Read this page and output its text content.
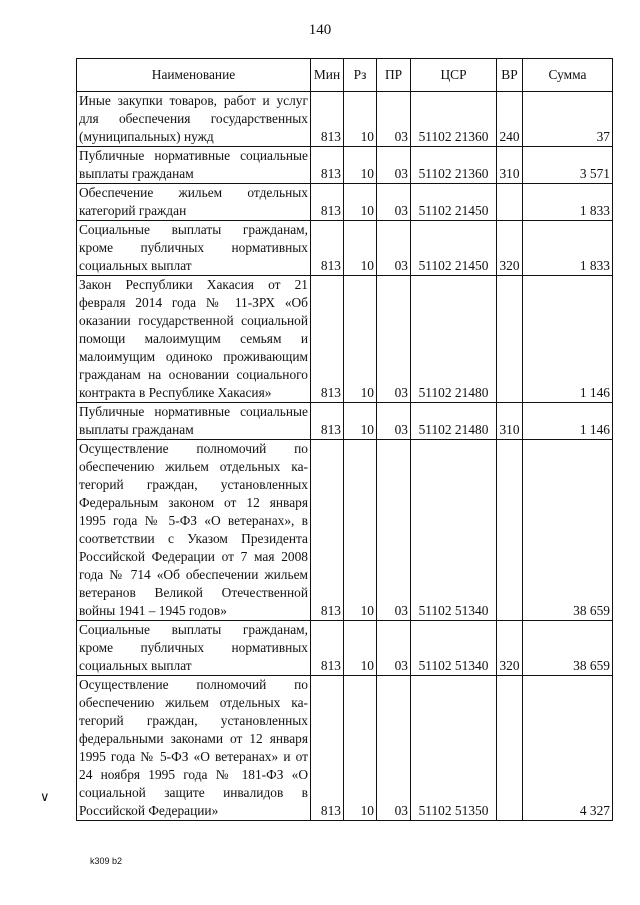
140
Наименование	Мин	Рз	ПР	ЦСР	ВР	Сумма
Иные закупки товаров, работ и услуг для обеспечения государственных (муниципальных) нужд	813	10	03	51102 21360	240	37
Публичные нормативные социальные выплаты гражданам	813	10	03	51102 21360	310	3 571
Обеспечение жильем отдельных категорий граждан	813	10	03	51102 21450		1 833
Социальные выплаты гражданам, кроме публичных нормативных социальных выплат	813	10	03	51102 21450	320	1 833
Закон Республики Хакасия от 21 февраля 2014 года № 11-ЗРХ «Об оказании государственной социальной помощи малоимущим семьям и малоимущим одиноко проживающим гражданам на основании социального контракта в Республике Хакасия»	813	10	03	51102 21480		1 146
Публичные нормативные социальные выплаты гражданам	813	10	03	51102 21480	310	1 146
Осуществление полномочий по обеспечению жильем отдельных категорий граждан, установленных Федеральным законом от 12 января 1995 года № 5-ФЗ «О ветеранах», в соответствии с Указом Президента Российской Федерации от 7 мая 2008 года № 714 «Об обеспечении жильем ветеранов Великой Отечественной войны 1941 – 1945 годов»	813	10	03	51102 51340		38 659
Социальные выплаты гражданам, кроме публичных нормативных социальных выплат	813	10	03	51102 51340	320	38 659
Осуществление полномочий по обеспечению жильем отдельных категорий граждан, установленных федеральными законами от 12 января 1995 года № 5-ФЗ «О ветеранах» и от 24 ноября 1995 года № 181-ФЗ «О социальной защите инвалидов в Российской Федерации»	813	10	03	51102 51350		4 327
∨
k309 b2
